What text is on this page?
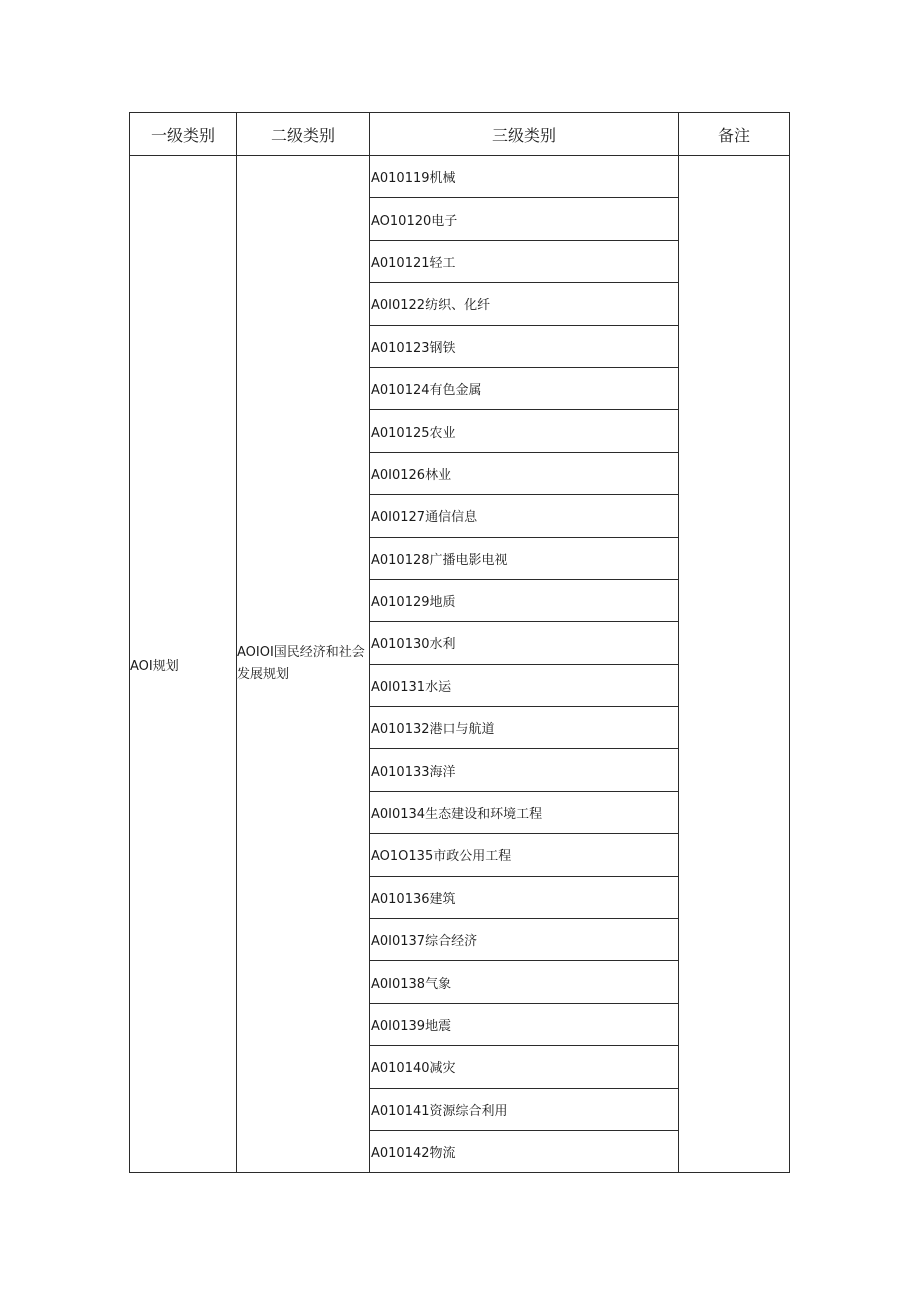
一级类别	二级类别	三级类别	备注
AOI规划	AOIOI国民经济和社会发展规划	A010119机械	
		AO10120电子	
		A010121轻工	
		A0I0122纺织、化纤	
		A010123钢铁	
		A010124有色金属	
		A010125农业	
		A0I0126林业	
		A0I0127通信信息	
		A010128广播电影电视	
		A010129地质	
		A010130水利	
		A0I0131水运	
		A010132港口与航道	
		A010133海洋	
		A0I0134生态建设和环境工程	
		AO1O135市政公用工程	
		A010136建筑	
		A0I0137综合经济	
		A0I0138气象	
		A0I0139地震	
		A010140减灾	
		A010141资源综合利用	
		A010142物流	
